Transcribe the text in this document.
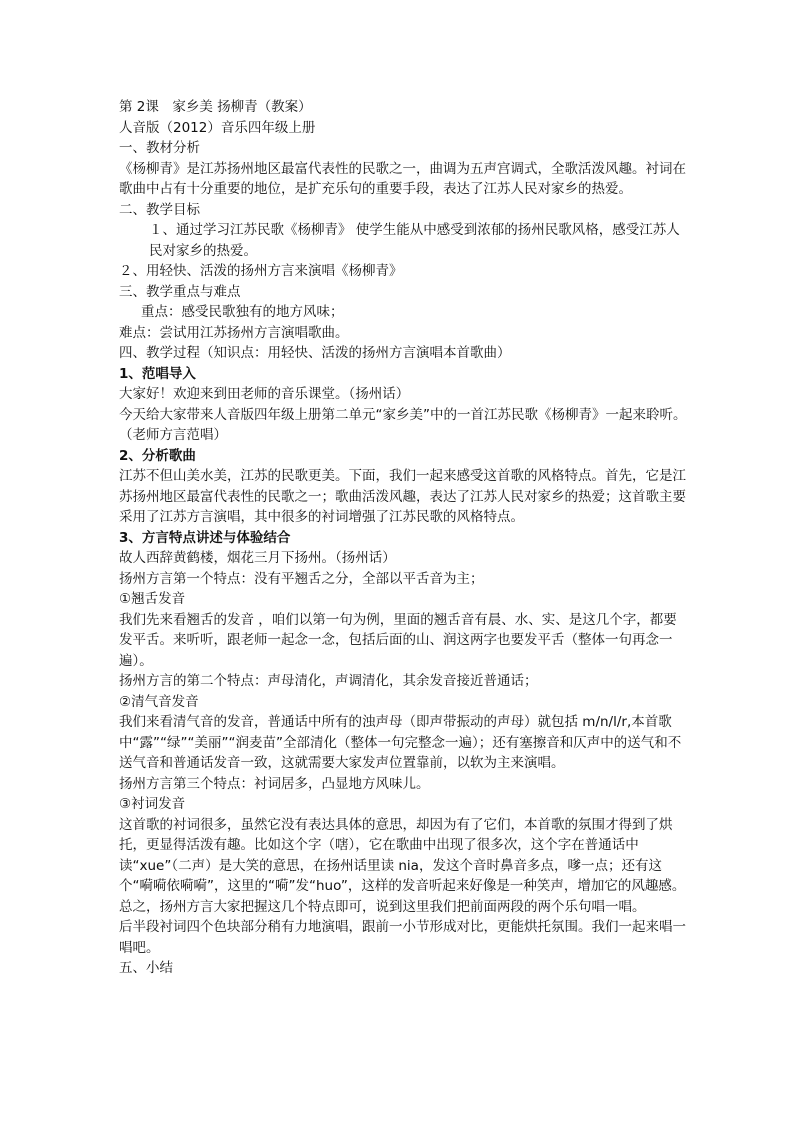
第 2课　家乡美 扬柳青（教案）

人音版（2012）音乐四年级上册

一、教材分析

《杨柳青》是江苏扬州地区最富代表性的民歌之一，曲调为五声宫调式，全歌活泼风趣。衬词在歌曲中占有十分重要的地位，是扩充乐句的重要手段，表达了江苏人民对家乡的热爱。

二、教学目标

１、通过学习江苏民歌《杨柳青》 使学生能从中感受到浓郁的扬州民歌风格，感受江苏人民对家乡的热爱。

２、用轻快、活泼的扬州方言来演唱《杨柳青》

三、教学重点与难点

重点：感受民歌独有的地方风味；

难点：尝试用江苏扬州方言演唱歌曲。

四、教学过程（知识点：用轻快、活泼的扬州方言演唱本首歌曲）

1、范唱导入

大家好！欢迎来到田老师的音乐课堂。（扬州话）

今天给大家带来人音版四年级上册第二单元“家乡美”中的一首江苏民歌《杨柳青》一起来聆听。（老师方言范唱）

2、分析歌曲

江苏不但山美水美，江苏的民歌更美。下面，我们一起来感受这首歌的风格特点。首先，它是江苏扬州地区最富代表性的民歌之一；歌曲活泼风趣，表达了江苏人民对家乡的热爱；这首歌主要采用了江苏方言演唱，其中很多的衬词增强了江苏民歌的风格特点。

3、方言特点讲述与体验结合

故人西辞黄鹤楼，烟花三月下扬州。（扬州话）

扬州方言第一个特点：没有平翘舌之分，全部以平舌音为主；

①翘舌发音

我们先来看翘舌的发音 ，咱们以第一句为例，里面的翘舌音有晨、水、实、是这几个字，都要发平舌。来听听，跟老师一起念一念，包括后面的山、润这两字也要发平舌（整体一句再念一遍）。

扬州方言的第二个特点：声母清化，声调清化，其余发音接近普通话；

②清气音发音

我们来看清气音的发音，普通话中所有的浊声母（即声带振动的声母）就包括 m/n/l/r,本首歌中“露”“绿”“美丽”“润麦苗”全部清化（整体一句完整念一遍）；还有塞擦音和仄声中的送气和不送气音和普通话发音一致，这就需要大家发声位置靠前，以软为主来演唱。

扬州方言第三个特点：衬词居多，凸显地方风味儿。

③衬词发音

这首歌的衬词很多，虽然它没有表达具体的意思，却因为有了它们，本首歌的氛围才得到了烘托，更显得活泼有趣。比如这个字（嗐），它在歌曲中出现了很多次，这个字在普通话中读“xue”（二声）是大笑的意思，在扬州话里读 nia，发这个音时鼻音多点，嗲一点；还有这个“嗬嗬依嗬嗬”，这里的“嗬”发“huo”，这样的发音听起来好像是一种笑声，增加它的风趣感。总之，扬州方言大家把握这几个特点即可，说到这里我们把前面两段的两个乐句唱一唱。

后半段衬词四个色块部分稍有力地演唱，跟前一小节形成对比，更能烘托氛围。我们一起来唱一唱吧。

五、小结
